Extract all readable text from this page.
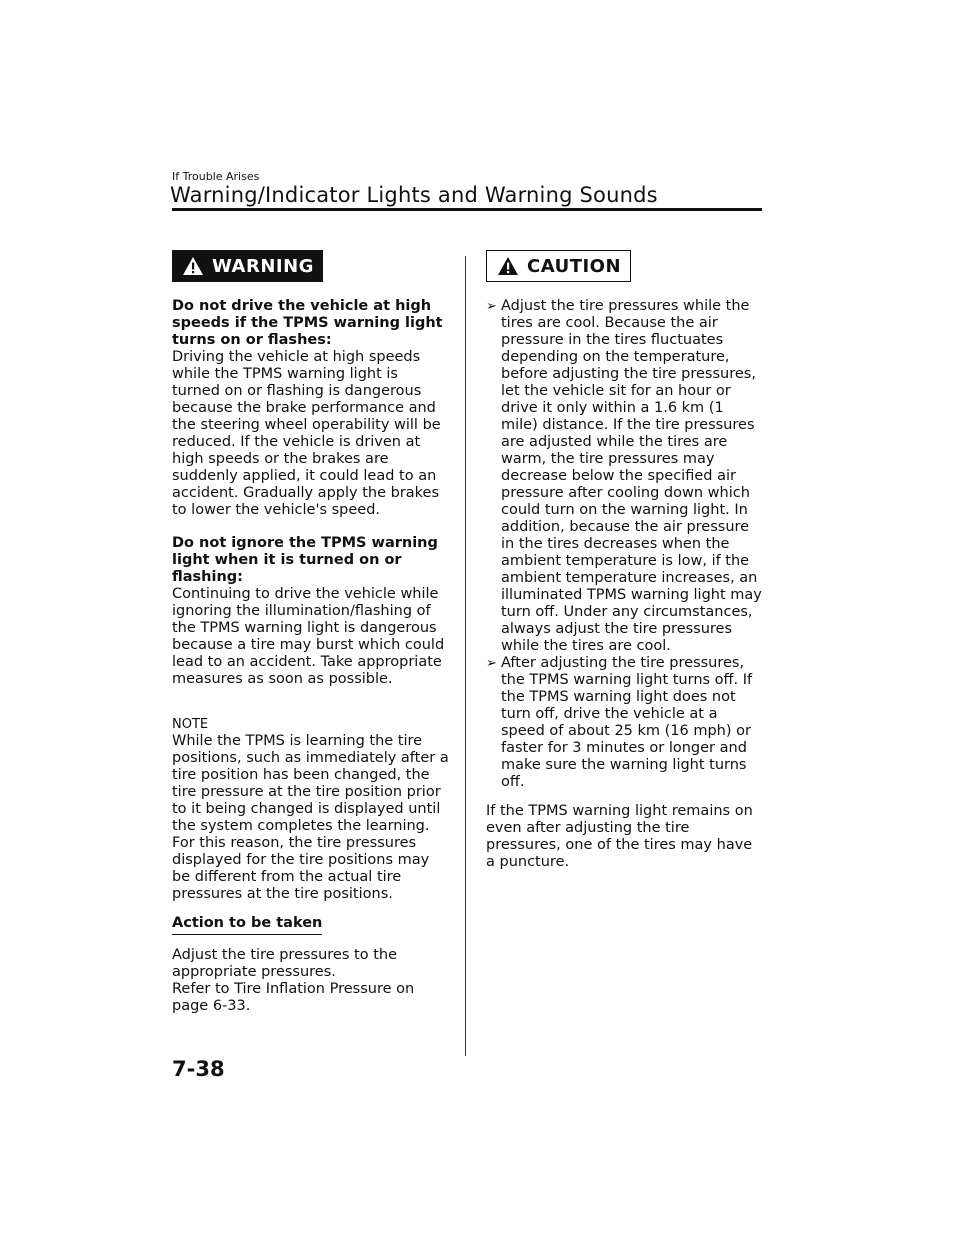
If Trouble Arises
Warning/Indicator Lights and Warning Sounds
WARNING

Do not drive the vehicle at high speeds if the TPMS warning light turns on or flashes:

Driving the vehicle at high speeds while the TPMS warning light is turned on or flashing is dangerous because the brake performance and the steering wheel operability will be reduced. If the vehicle is driven at high speeds or the brakes are suddenly applied, it could lead to an accident. Gradually apply the brakes to lower the vehicle's speed.

Do not ignore the TPMS warning light when it is turned on or flashing:

Continuing to drive the vehicle while ignoring the illumination/flashing of the TPMS warning light is dangerous because a tire may burst which could lead to an accident. Take appropriate measures as soon as possible.

NOTE

While the TPMS is learning the tire positions, such as immediately after a tire position has been changed, the tire pressure at the tire position prior to it being changed is displayed until the system completes the learning. For this reason, the tire pressures displayed for the tire positions may be different from the actual tire pressures at the tire positions.

Action to be taken

Adjust the tire pressures to the appropriate pressures.

Refer to Tire Inflation Pressure on page 6-33.

CAUTION
➢ Adjust the tire pressures while the tires are cool. Because the air pressure in the tires fluctuates depending on the temperature, before adjusting the tire pressures, let the vehicle sit for an hour or drive it only within a 1.6 km (1 mile) distance. If the tire pressures are adjusted while the tires are warm, the tire pressures may decrease below the specified air pressure after cooling down which could turn on the warning light. In addition, because the air pressure in the tires decreases when the ambient temperature is low, if the ambient temperature increases, an illuminated TPMS warning light may turn off. Under any circumstances, always adjust the tire pressures while the tires are cool.
➢ After adjusting the tire pressures, the TPMS warning light turns off. If the TPMS warning light does not turn off, drive the vehicle at a speed of about 25 km (16 mph) or faster for 3 minutes or longer and make sure the warning light turns off.

If the TPMS warning light remains on even after adjusting the tire pressures, one of the tires may have a puncture.

7-38
